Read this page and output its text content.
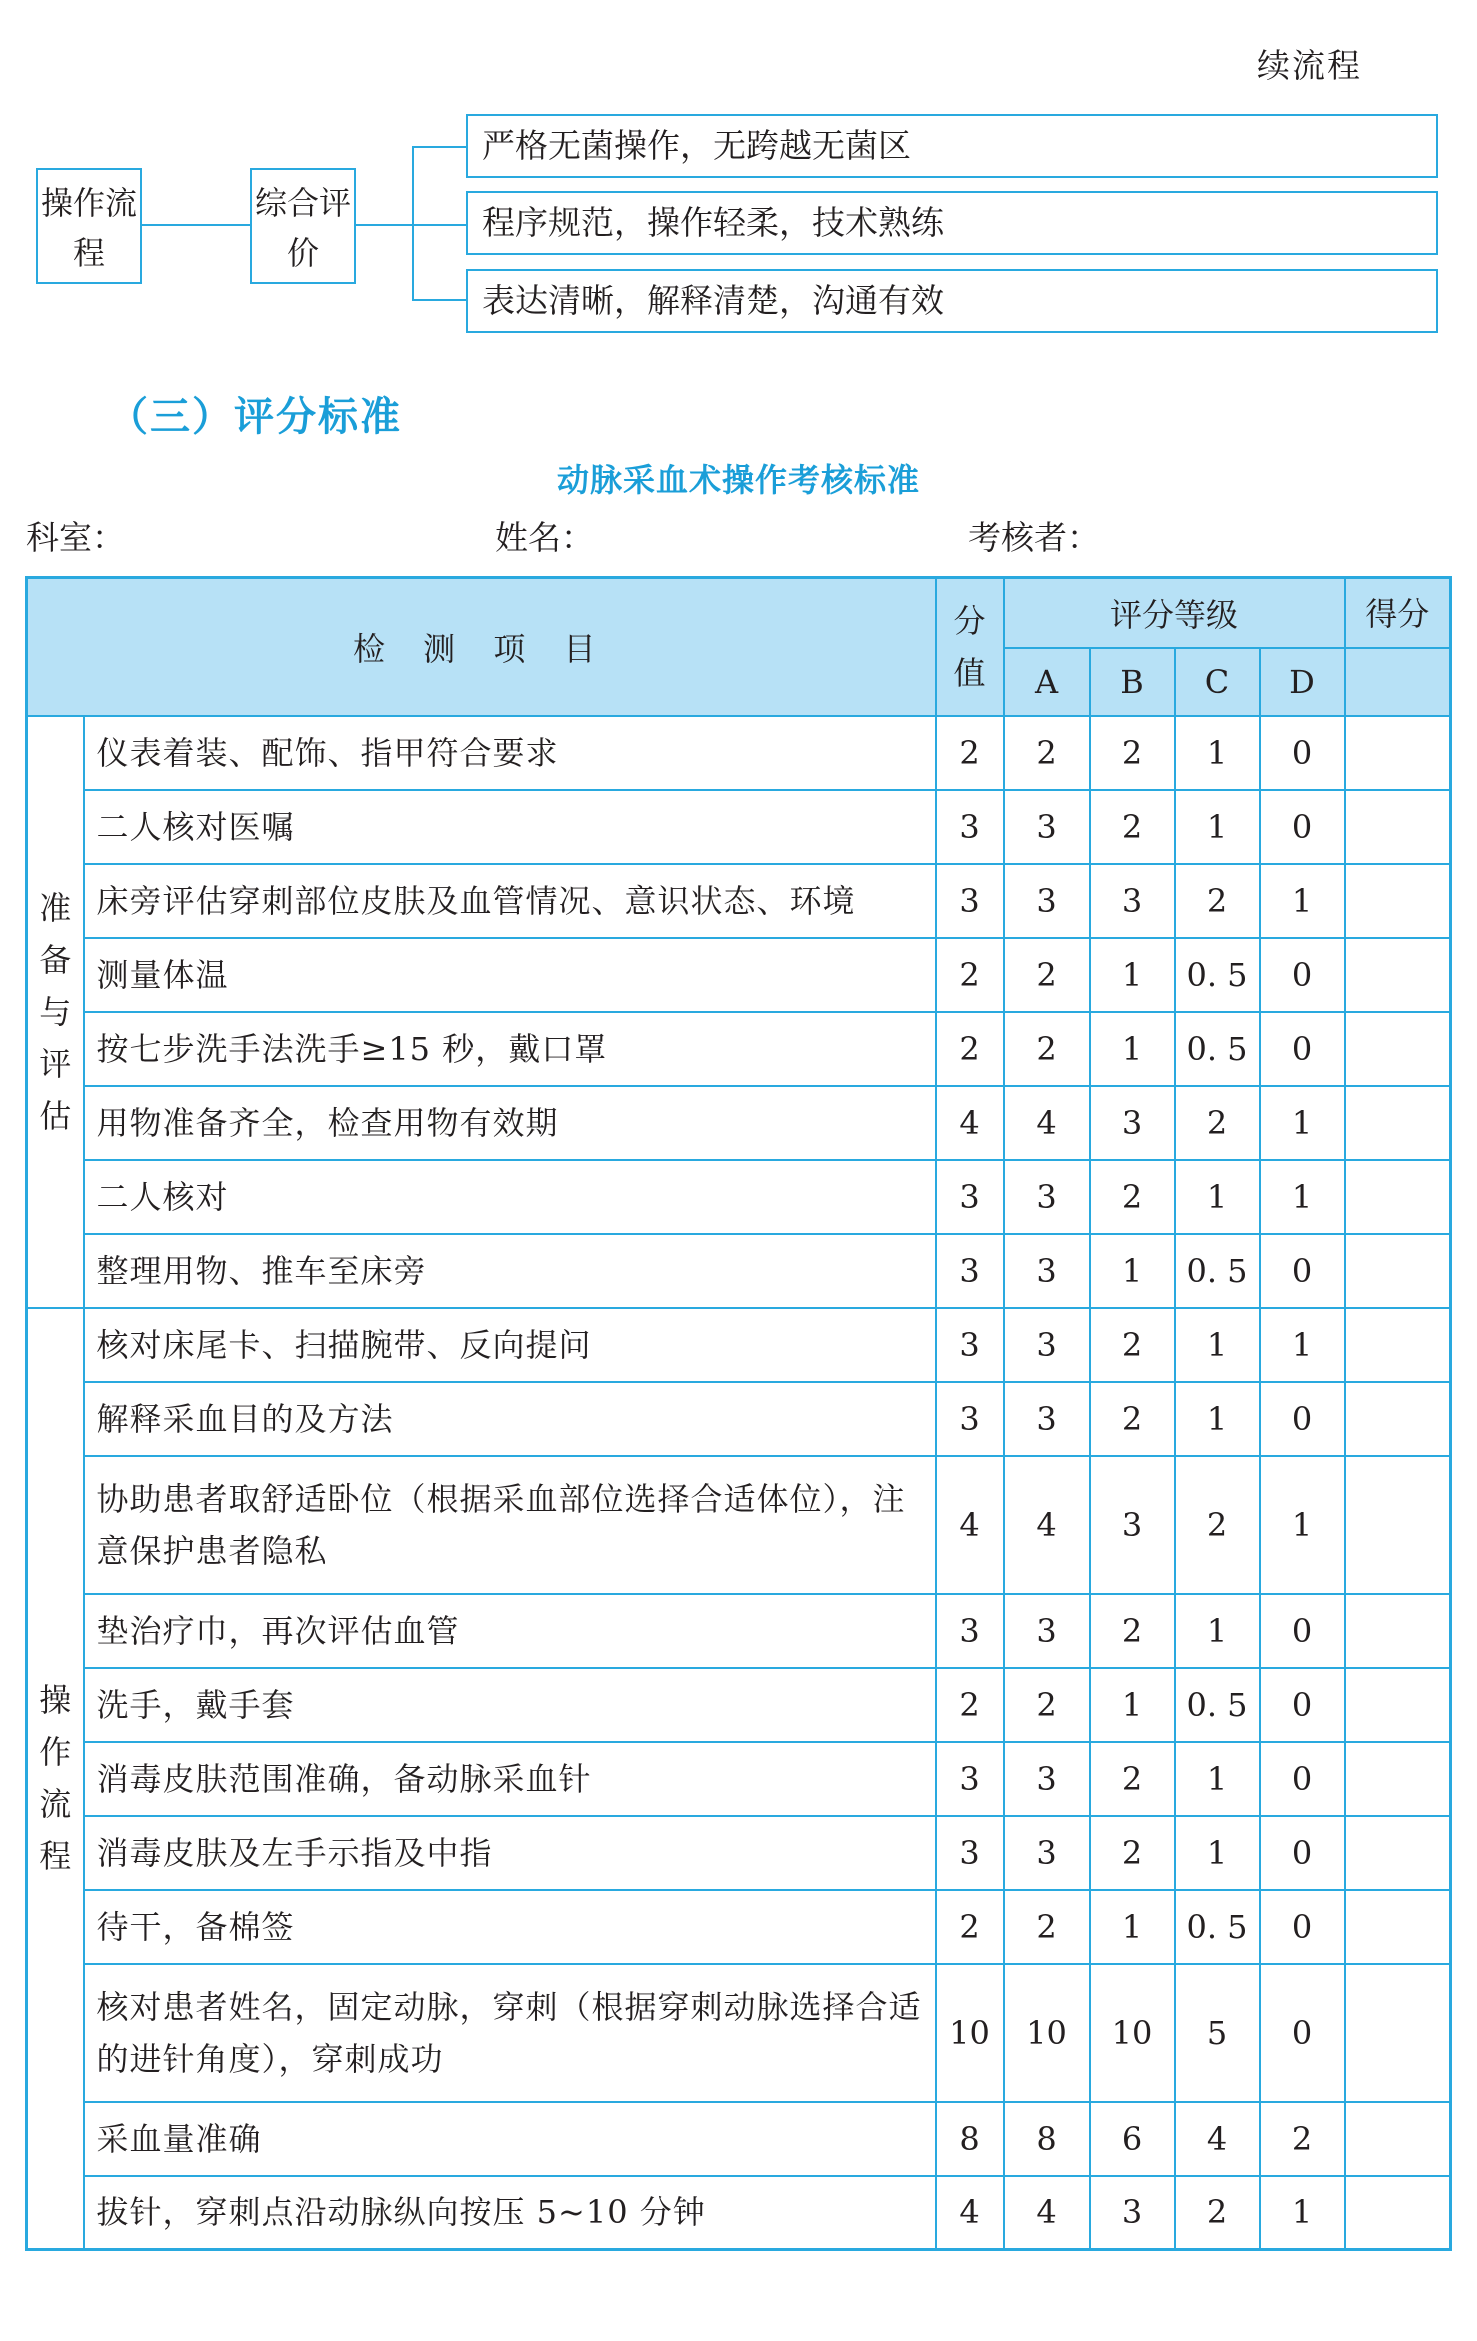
续流程
操作流程
综合评价
严格无菌操作，无跨越无菌区
程序规范，操作轻柔，技术熟练
表达清晰，解释清楚，沟通有效
（三）评分标准
动脉采血术操作考核标准
科室：	姓名：	考核者：
检 测 项 目		分值	评分等级				得分
			A	B	C	D	
准备与评估	仪表着装、配饰、指甲符合要求	2	2	2	1	0	
	二人核对医嘱	3	3	2	1	0	
	床旁评估穿刺部位皮肤及血管情况、意识状态、环境	3	3	3	2	1	
	测量体温	2	2	1	0. 5	0	
	按七步洗手法洗手≥15 秒，戴口罩	2	2	1	0. 5	0	
	用物准备齐全，检查用物有效期	4	4	3	2	1	
	二人核对	3	3	2	1	1	
	整理用物、推车至床旁	3	3	1	0. 5	0	
操作流程	核对床尾卡、扫描腕带、反向提问	3	3	2	1	1	
	解释采血目的及方法	3	3	2	1	0	
	协助患者取舒适卧位（根据采血部位选择合适体位），注意保护患者隐私	4	4	3	2	1	
	垫治疗巾，再次评估血管	3	3	2	1	0	
	洗手，戴手套	2	2	1	0. 5	0	
	消毒皮肤范围准确，备动脉采血针	3	3	2	1	0	
	消毒皮肤及左手示指及中指	3	3	2	1	0	
	待干，备棉签	2	2	1	0. 5	0	
	核对患者姓名，固定动脉，穿刺（根据穿刺动脉选择合适的进针角度），穿刺成功	10	10	10	5	0	
	采血量准确	8	8	6	4	2	
	拔针，穿刺点沿动脉纵向按压 5~10 分钟	4	4	3	2	1	
